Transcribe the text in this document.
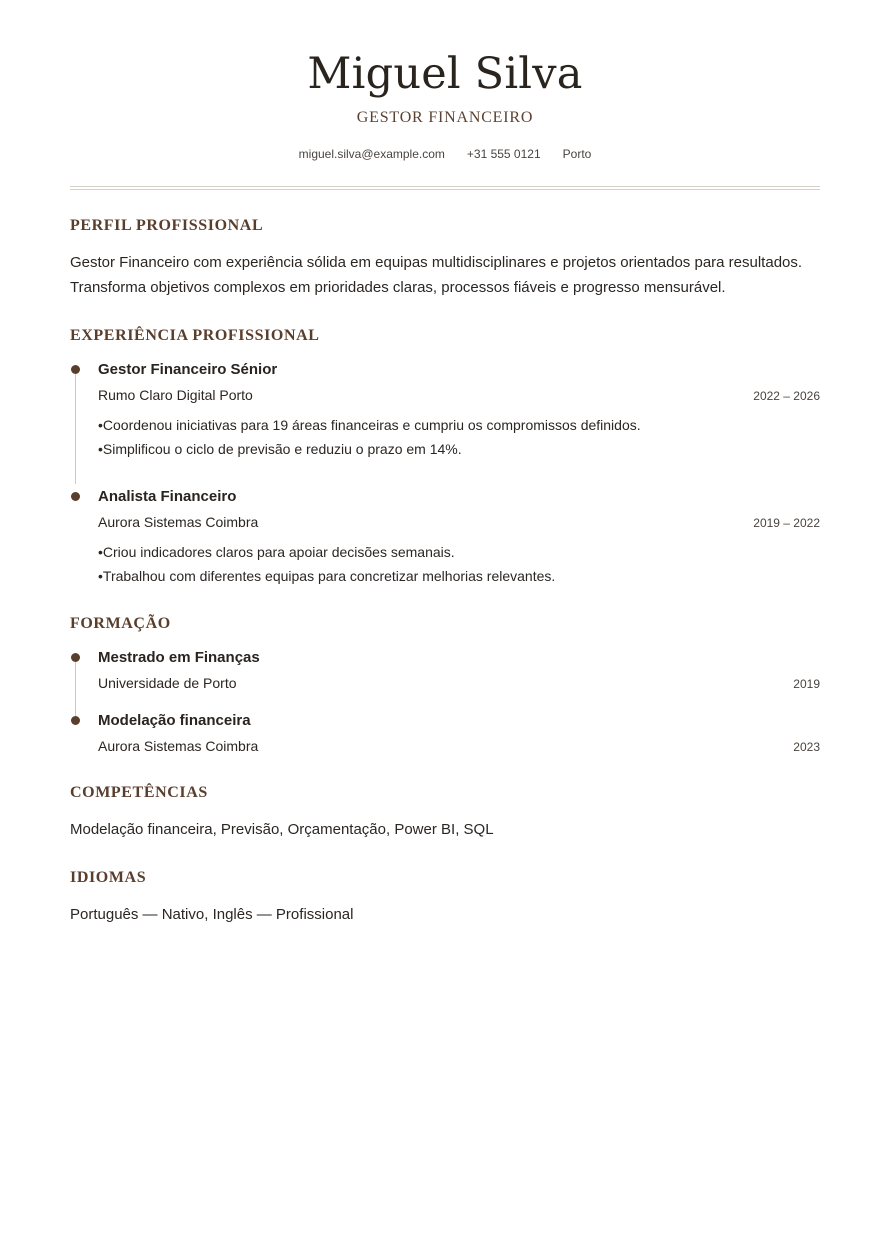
Miguel Silva
GESTOR FINANCEIRO
miguel.silva@example.com +31 555 0121 Porto
PERFIL PROFISSIONAL

Gestor Financeiro com experiência sólida em equipas multidisciplinares e projetos orientados para resultados. Transforma objetivos complexos em prioridades claras, processos fiáveis e progresso mensurável.

EXPERIÊNCIA PROFISSIONAL
Gestor Financeiro Sénior
Rumo Claro Digital Porto	2022 – 2026
• Coordenou iniciativas para 19 áreas financeiras e cumpriu os compromissos definidos.
• Simplificou o ciclo de previsão e reduziu o prazo em 14%.
Analista Financeiro
Aurora Sistemas Coimbra	2019 – 2022
• Criou indicadores claros para apoiar decisões semanais.
• Trabalhou com diferentes equipas para concretizar melhorias relevantes.
FORMAÇÃO
Mestrado em Finanças
Universidade de Porto	2019
Modelação financeira
Aurora Sistemas Coimbra	2023
COMPETÊNCIAS

Modelação financeira, Previsão, Orçamentação, Power BI, SQL

IDIOMAS

Português — Nativo, Inglês — Profissional
